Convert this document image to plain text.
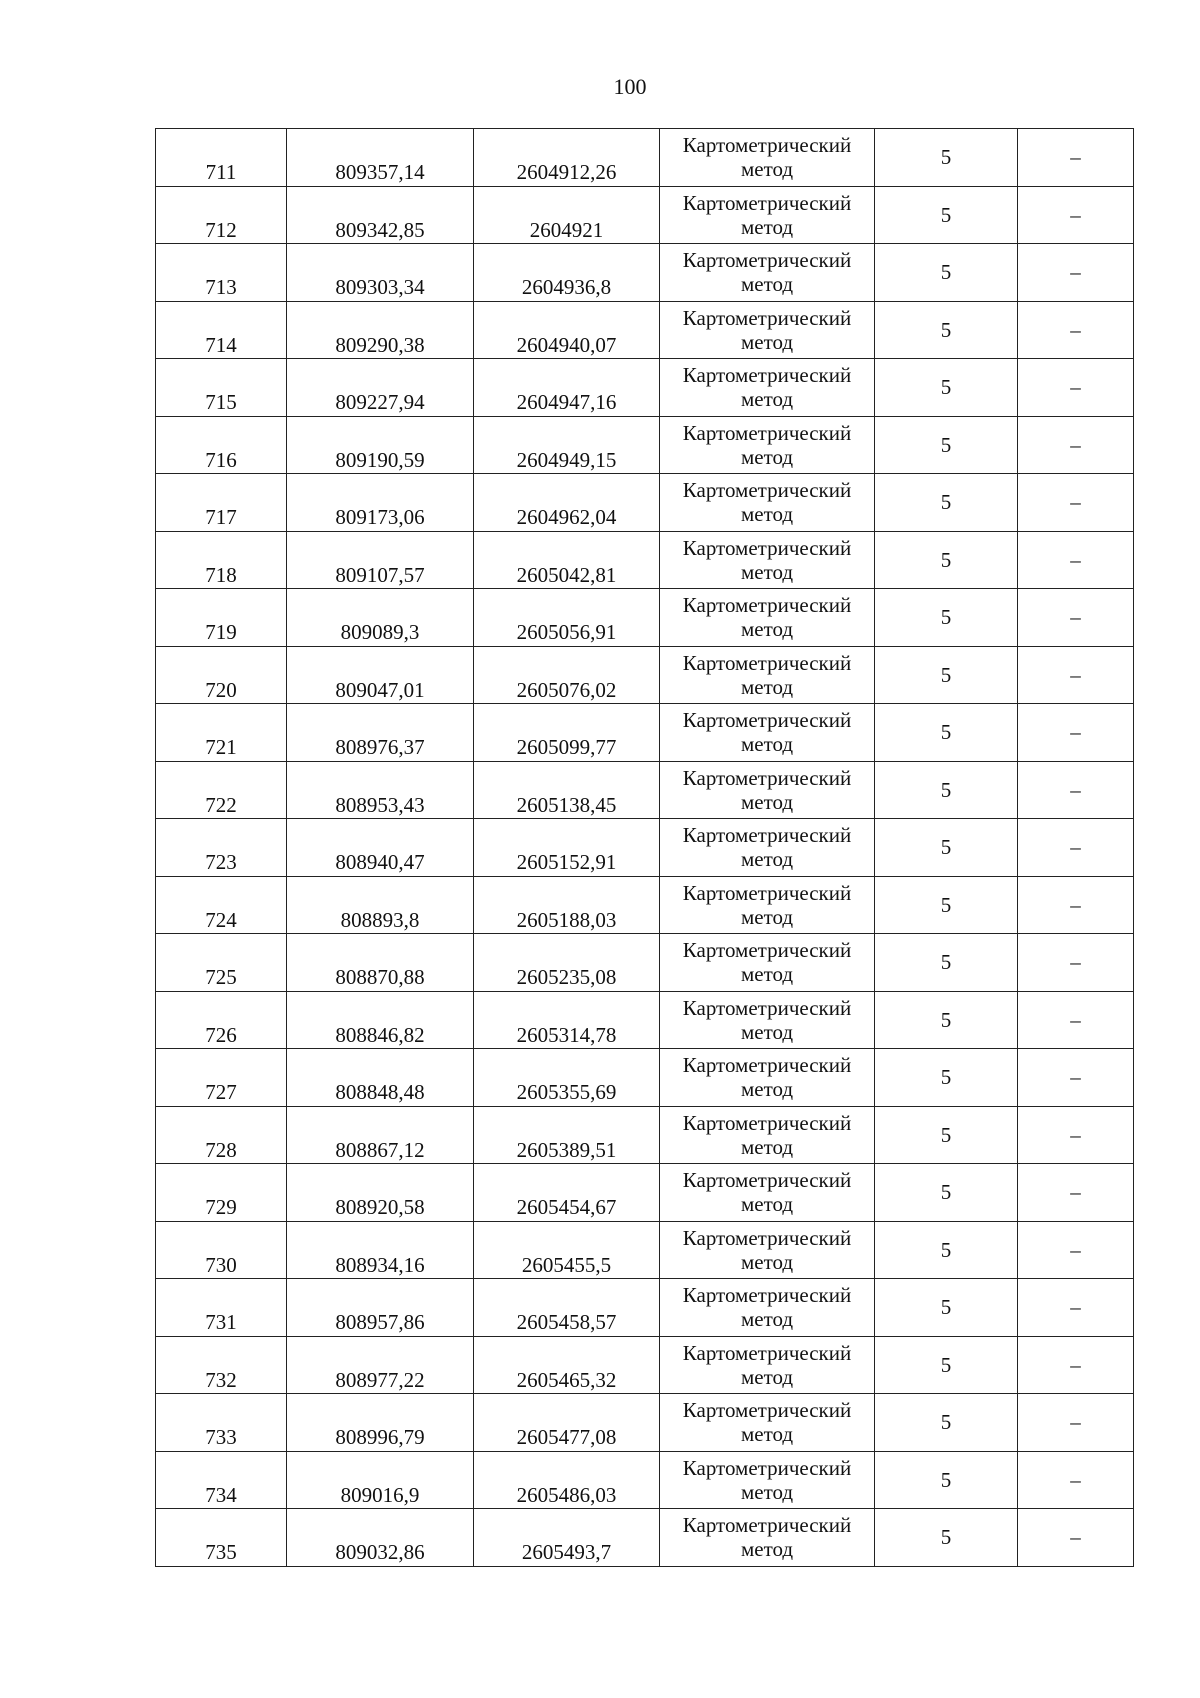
100
711	809357,14	2604912,26	Картометрический
метод	5	–
712	809342,85	2604921	Картометрический
метод	5	–
713	809303,34	2604936,8	Картометрический
метод	5	–
714	809290,38	2604940,07	Картометрический
метод	5	–
715	809227,94	2604947,16	Картометрический
метод	5	–
716	809190,59	2604949,15	Картометрический
метод	5	–
717	809173,06	2604962,04	Картометрический
метод	5	–
718	809107,57	2605042,81	Картометрический
метод	5	–
719	809089,3	2605056,91	Картометрический
метод	5	–
720	809047,01	2605076,02	Картометрический
метод	5	–
721	808976,37	2605099,77	Картометрический
метод	5	–
722	808953,43	2605138,45	Картометрический
метод	5	–
723	808940,47	2605152,91	Картометрический
метод	5	–
724	808893,8	2605188,03	Картометрический
метод	5	–
725	808870,88	2605235,08	Картометрический
метод	5	–
726	808846,82	2605314,78	Картометрический
метод	5	–
727	808848,48	2605355,69	Картометрический
метод	5	–
728	808867,12	2605389,51	Картометрический
метод	5	–
729	808920,58	2605454,67	Картометрический
метод	5	–
730	808934,16	2605455,5	Картометрический
метод	5	–
731	808957,86	2605458,57	Картометрический
метод	5	–
732	808977,22	2605465,32	Картометрический
метод	5	–
733	808996,79	2605477,08	Картометрический
метод	5	–
734	809016,9	2605486,03	Картометрический
метод	5	–
735	809032,86	2605493,7	Картометрический
метод	5	–
